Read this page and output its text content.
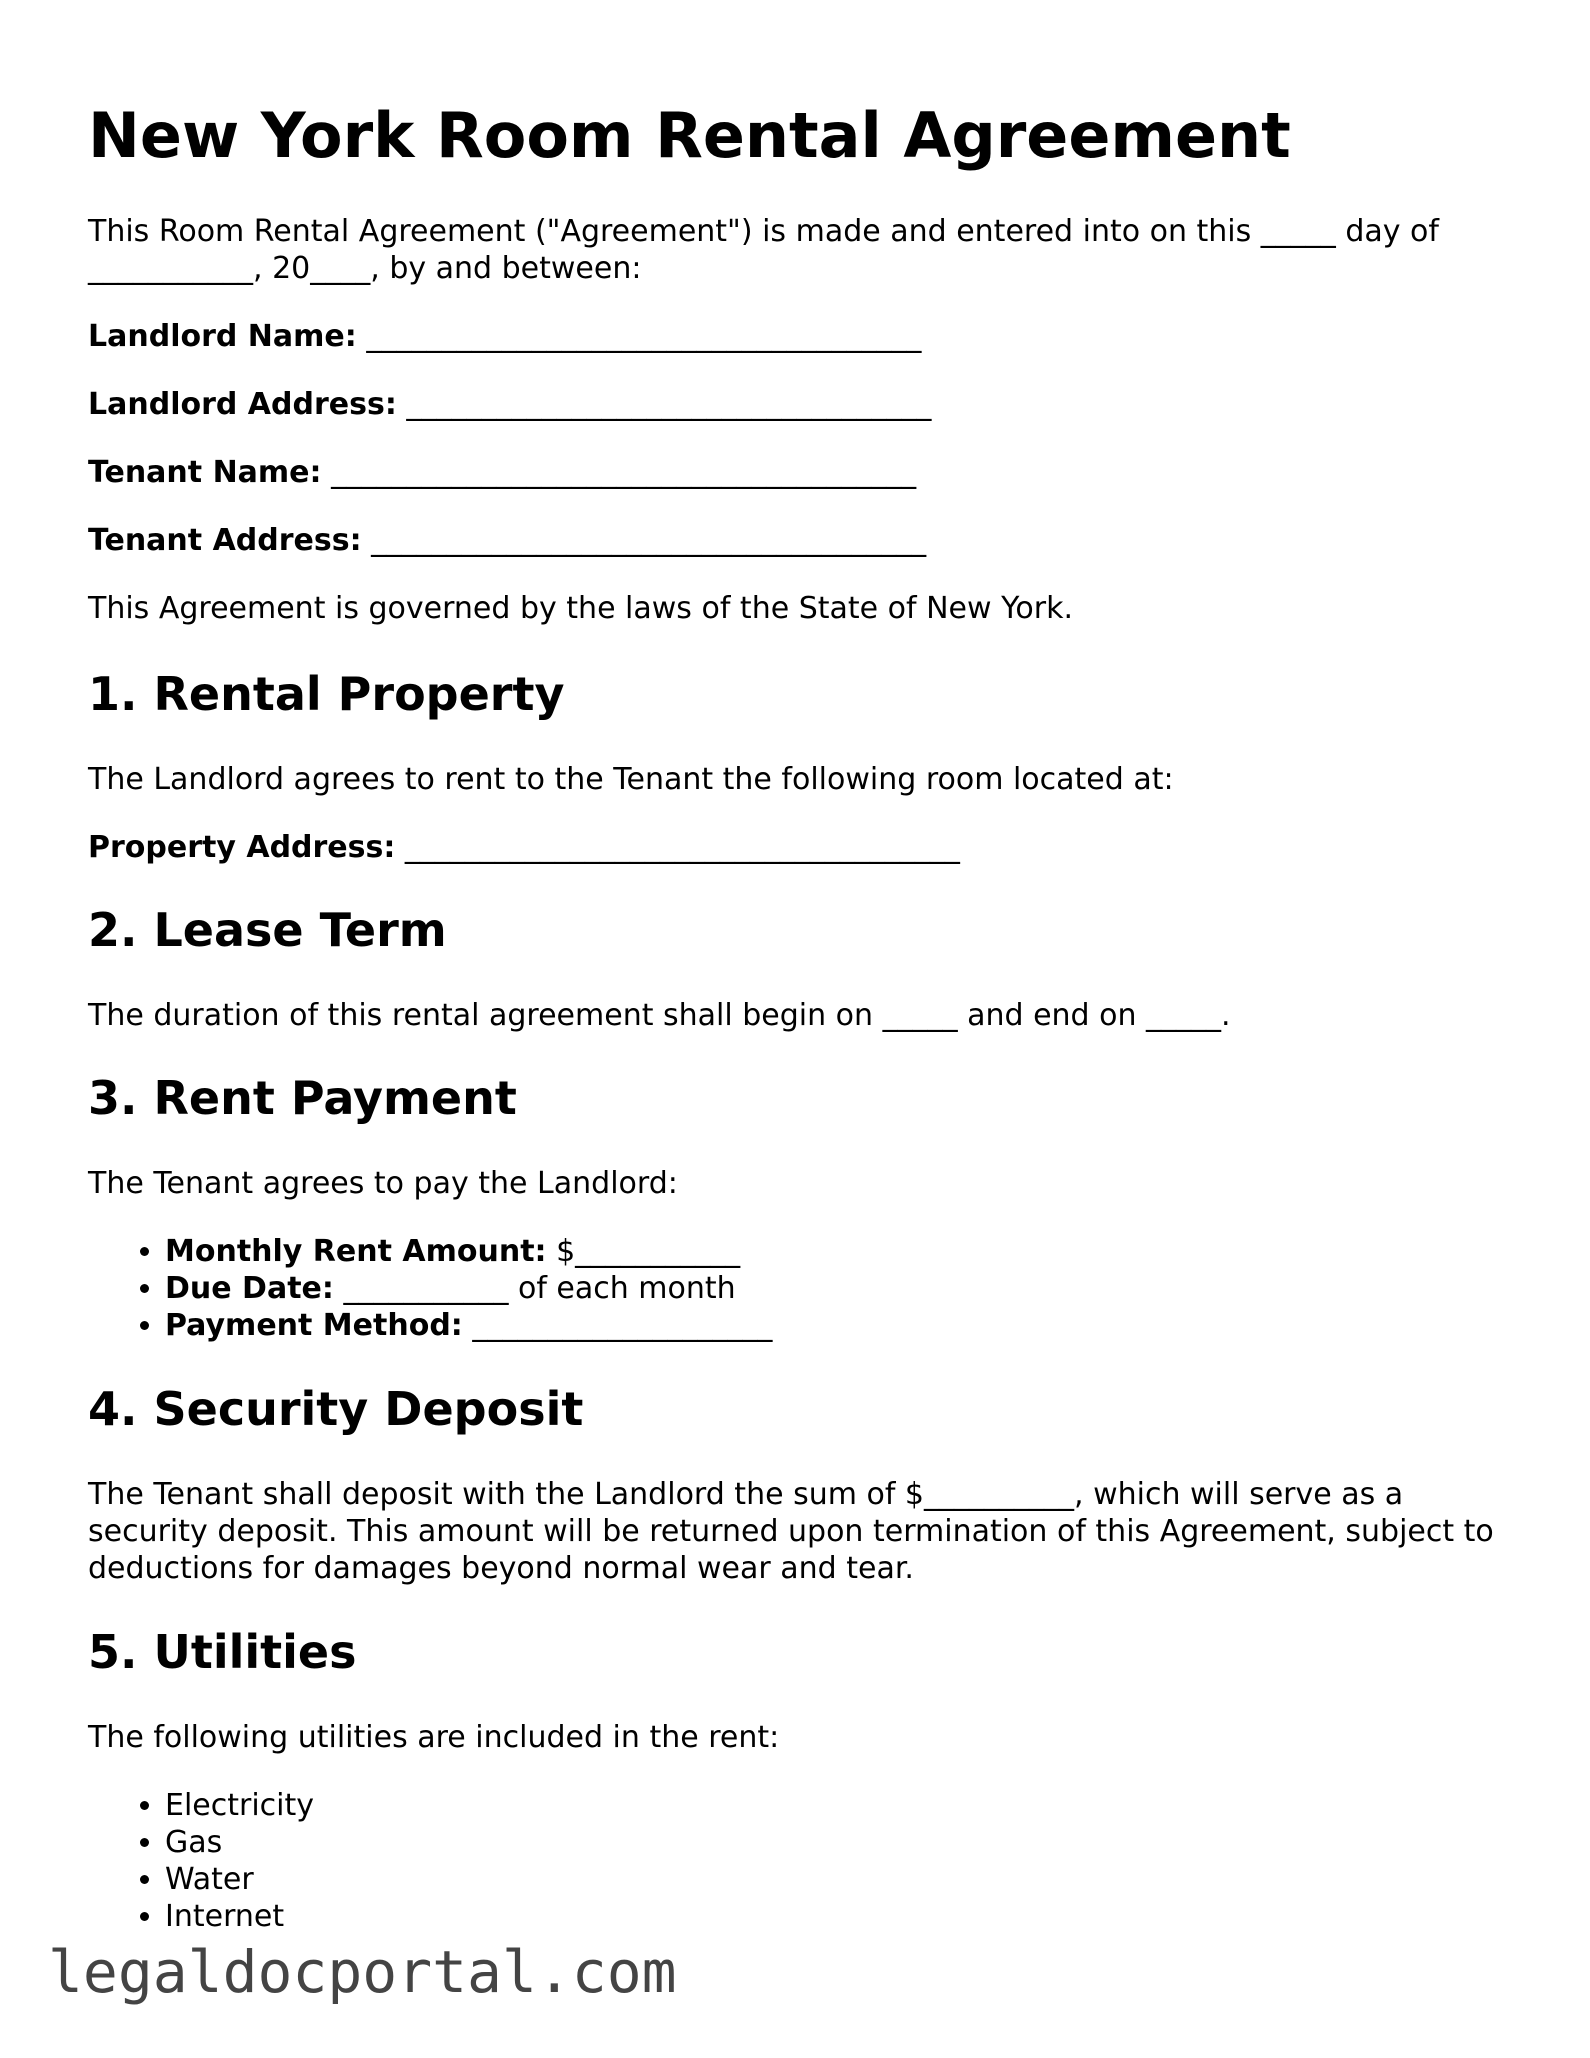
New York Room Rental Agreement

This Room Rental Agreement ("Agreement") is made and entered into on this _____ day of ___________, 20____, by and between:

Landlord Name: _____________________________________
Landlord Address: ___________________________________
Tenant Name: _______________________________________
Tenant Address: _____________________________________

This Agreement is governed by the laws of the State of New York.

1. Rental Property

The Landlord agrees to rent to the Tenant the following room located at:

Property Address: _____________________________________
2. Lease Term

The duration of this rental agreement shall begin on _____ and end on _____.

3. Rent Payment

The Tenant agrees to pay the Landlord:

• Monthly Rent Amount: $___________
• Due Date: ___________ of each month
• Payment Method: ____________________
4. Security Deposit

The Tenant shall deposit with the Landlord the sum of $__________, which will serve as a security deposit. This amount will be returned upon termination of this Agreement, subject to deductions for damages beyond normal wear and tear.

5. Utilities

The following utilities are included in the rent:

• Electricity
• Gas
• Water
• Internet
legaldocportal.com
